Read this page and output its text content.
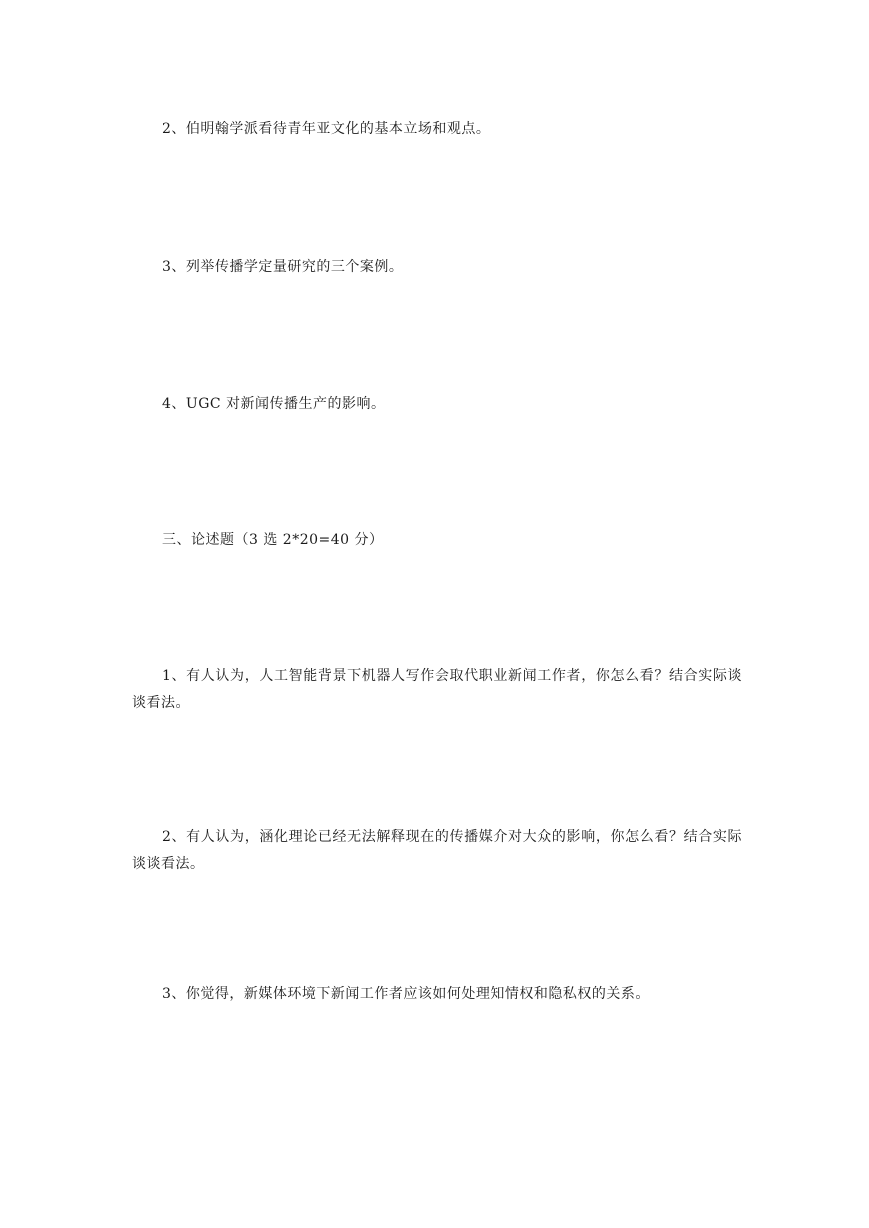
2、伯明翰学派看待青年亚文化的基本立场和观点。

3、列举传播学定量研究的三个案例。

4、UGC 对新闻传播生产的影响。

三、论述题（3 选 2*20=40 分）

1、有人认为，人工智能背景下机器人写作会取代职业新闻工作者，你怎么看？结合实际谈谈看法。

2、有人认为，涵化理论已经无法解释现在的传播媒介对大众的影响，你怎么看？结合实际谈谈看法。

3、你觉得，新媒体环境下新闻工作者应该如何处理知情权和隐私权的关系。
